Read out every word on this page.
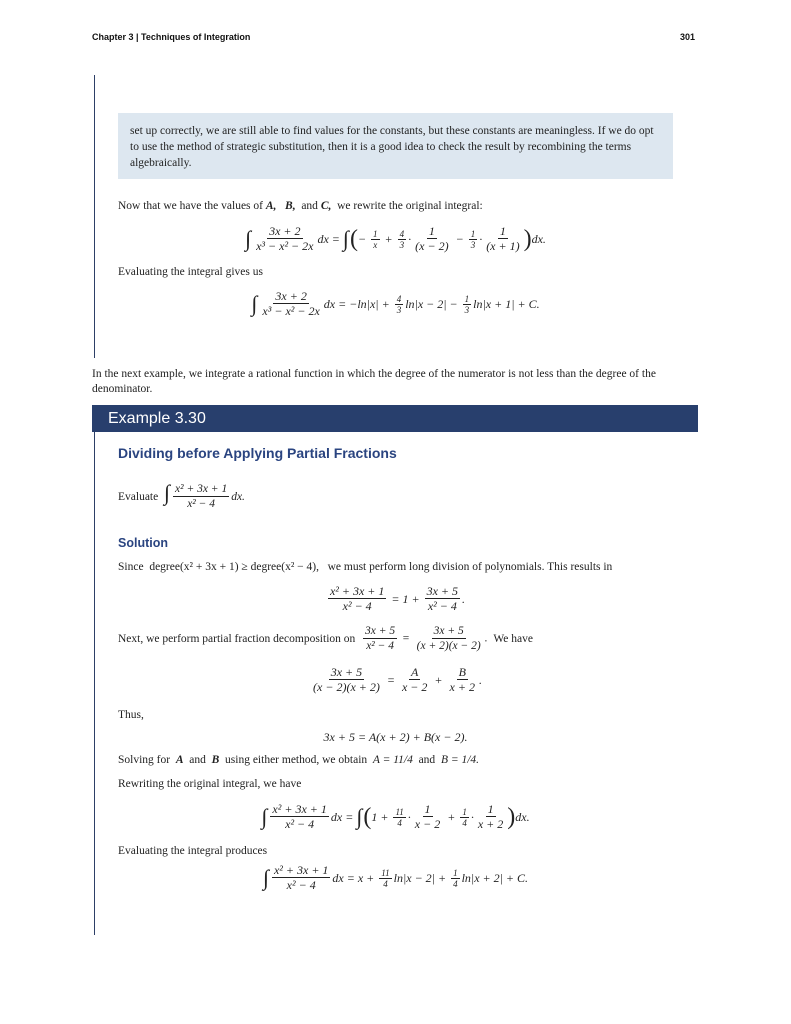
Chapter 3 | Techniques of Integration	301
set up correctly, we are still able to find values for the constants, but these constants are meaningless. If we do opt to use the method of strategic substitution, then it is a good idea to check the result by recombining the terms algebraically.
Now that we have the values of A, B, and C, we rewrite the original integral:
∫ $\frac{3x + 2}{\text{x³ − x² − 2x}}$ dx = ∫ ( − $\frac{1}{x} + \frac{4}{3} \cdot \frac{1}{(x - 2)} - \frac{1}{3} \cdot \frac{1}{(x + 1)}$ ) dx.
Evaluating the integral gives us
∫ $\frac{3x + 2}{\text{x³ − x² − 2x}}$ dx = $-\ln|x| + \frac{4}{3} \ln|x - 2| - \frac{1}{3} \ln|x + 1| + C$.
In the next example, we integrate a rational function in which the degree of the numerator is not less than the degree of the denominator.
Example 3.30
Dividing before Applying Partial Fractions
Evaluate
∫ $\frac{\text{x² + 3x + 1}}{\text{x² − 4}}$ dx.
Solution
Since degree(x² + 3x + 1) ≥ degree(x² − 4), we must perform long division of polynomials. This results in
$\frac{\text{x² + 3x + 1}}{\text{x² − 4}} = 1 + \frac{3x + 5}{\text{x² − 4}}$ .
Next, we perform partial fraction decomposition on
$\frac{3x + 5}{\text{x² − 4}} = \frac{3x + 5}{(x + 2)(x - 2)}$ .
We have
$\frac{3x + 5}{(x - 2)(x + 2)} = \frac{A}{x - 2} + \frac{B}{x + 2}$ .
Thus,
3x + 5 = A(x + 2) + B(x − 2).
Solving for A and B using either method, we obtain A = 11/4 and B = 1/4.
Rewriting the original integral, we have
∫ $\frac{\text{x² + 3x + 1}}{\text{x² − 4}}$ dx = ∫ ( $1 + \frac{11}{4} \cdot \frac{1}{x - 2} + \frac{1}{4} \cdot \frac{1}{x + 2}$ ) dx.
Evaluating the integral produces
∫ $\frac{\text{x² + 3x + 1}}{\text{x² − 4}}$ dx = $x + \frac{11}{4} \ln|x - 2| + \frac{1}{4} \ln|x + 2| + C$.
